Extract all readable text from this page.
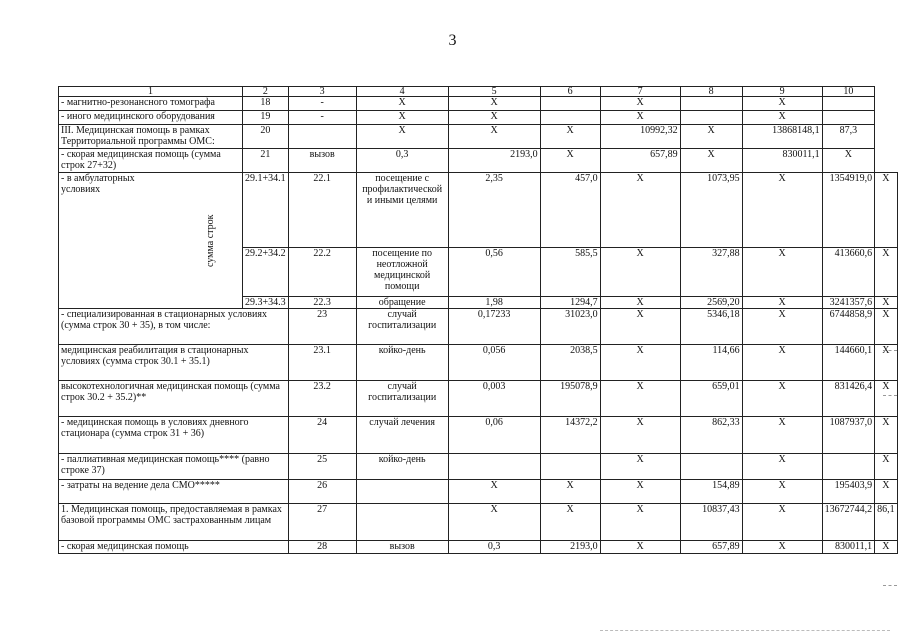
3
1		2	3	4	5	6	7	8	9	10	
- магнитно-резонансного томографа		18	-	X	X		X		X		
- иного медицинского оборудования		19	-	X	X		X		X		
III. Медицинская помощь в рамках Территориальной программы ОМС:		20		X	X	X	10992,32	X	13868148,1	87,3	
- скорая медицинская помощь (сумма строк 27+32)		21	вызов	0,3	2193,0	X	657,89	X	830011,1	X	
- в амбулаторных условиях	сумма строк	29.1+34.1	22.1	посещение с профилактической и иными целями	2,35	457,0	X	1073,95	X	1354919,0	X
		29.2+34.2	22.2	посещение по неотложной медицинской помощи	0,56	585,5	X	327,88	X	413660,6	X
		29.3+34.3	22.3	обращение	1,98	1294,7	X	2569,20	X	3241357,6	X
- специализированная в стационарных условиях (сумма строк 30 + 35), в том числе:			23	случай госпитализации	0,17233	31023,0	X	5346,18	X	6744858,9	X
медицинская реабилитация в стационарных условиях (сумма строк 30.1 + 35.1)			23.1	койко-день	0,056	2038,5	X	114,66	X	144660,1	X
высокотехнологичная медицинская помощь (сумма строк 30.2 + 35.2)**			23.2	случай госпитализации	0,003	195078,9	X	659,01	X	831426,4	X
- медицинская помощь в условиях дневного стационара (сумма строк 31 + 36)			24	случай лечения	0,06	14372,2	X	862,33	X	1087937,0	X
- паллиативная медицинская помощь**** (равно строке 37)			25	койко-день			X		X		X
- затраты на ведение дела СМО*****			26		X	X	X	154,89	X	195403,9	X
1. Медицинская помощь, предоставляемая в рамках базовой программы ОМС застрахованным лицам			27		X	X	X	10837,43	X	13672744,2	86,1
- скорая медицинская помощь			28	вызов	0,3	2193,0	X	657,89	X	830011,1	X
